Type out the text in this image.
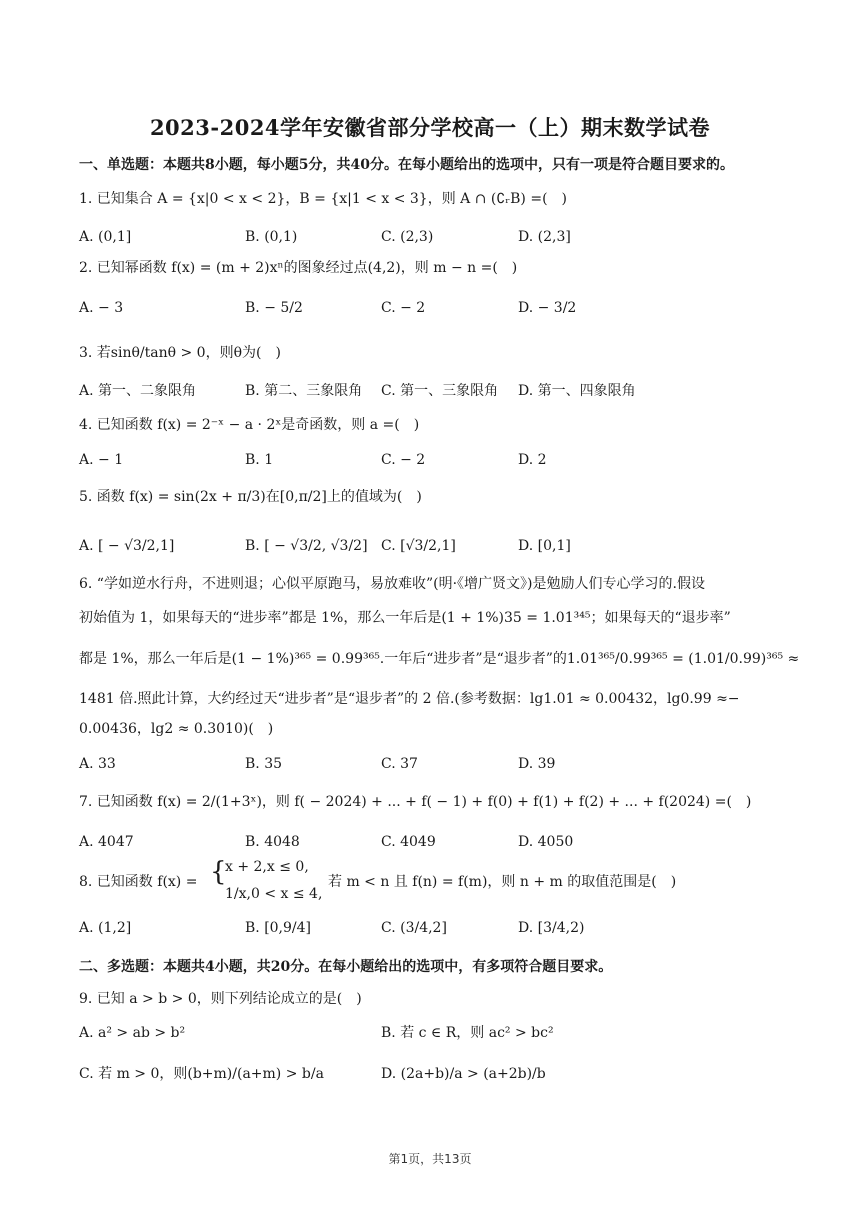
2023-2024学年安徽省部分学校高一（上）期末数学试卷
一、单选题：本题共8小题，每小题5分，共40分。在每小题给出的选项中，只有一项是符合题目要求的。
1. 已知集合 A = {x|0 < x < 2}，B = {x|1 < x < 3}，则 A ∩ (∁ᵣB) =(　)
A. (0,1]	B. (0,1)	C. (2,3)	D. (2,3]
2. 已知幂函数 f(x) = (m + 2)xⁿ的图象经过点(4,2)，则 m − n =(　)
A. − 3	B. − 5/2	C. − 2	D. − 3/2
3. 若sinθ/tanθ > 0，则θ为(　)
A. 第一、二象限角	B. 第二、三象限角 C. 第一、三象限角 D. 第一、四象限角
4. 已知函数 f(x) = 2⁻ˣ − a · 2ˣ是奇函数，则 a =(　)
A. − 1	B. 1	C. − 2	D. 2
5. 函数 f(x) = sin(2x + π/3)在[0,π/2]上的值域为(　)
A. [ − √3/2,1]	B. [ − √3/2, √3/2] C. [√3/2,1]	D. [0,1]
6. “学如逆水行舟，不进则退；心似平原跑马，易放难收”(明·《增广贤文》)是勉励人们专心学习的.假设
初始值为 1，如果每天的“进步率”都是 1%，那么一年后是(1 + 1%)35 = 1.01³⁴⁵；如果每天的“退步率”
都是 1%，那么一年后是(1 − 1%)³⁶⁵ = 0.99³⁶⁵.一年后“进步者”是“退步者”的1.01³⁶⁵/0.99³⁶⁵ = (1.01/0.99)³⁶⁵ ≈
1481 倍.照此计算，大约经过天“进步者”是“退步者”的 2 倍.(参考数据：lg1.01 ≈ 0.00432，lg0.99 ≈−
0.00436，lg2 ≈ 0.3010)(　)
A. 33	B. 35	C. 37	D. 39
7. 已知函数 f(x) = 2/(1+3ˣ)，则 f( − 2024) + ... + f( − 1) + f(0) + f(1) + f(2) + ... + f(2024) =(　)
A. 4047	B. 4048	C. 4049	D. 4050
8. 已知函数 f(x) = {
x + 2,x ≤ 0,
1/x,0 < x ≤ 4,
若 m < n 且 f(n) = f(m)，则 n + m 的取值范围是(　)
A. (1,2]	B. [0,9/4]	C. (3/4,2]	D. [3/4,2)
二、多选题：本题共4小题，共20分。在每小题给出的选项中，有多项符合题目要求。
9. 已知 a > b > 0，则下列结论成立的是(　)
A. a² > ab > b²	B. 若 c ∈ R，则 ac² > bc²
C. 若 m > 0，则(b+m)/(a+m) > b/a	D. (2a+b)/a > (a+2b)/b
第1页，共13页
